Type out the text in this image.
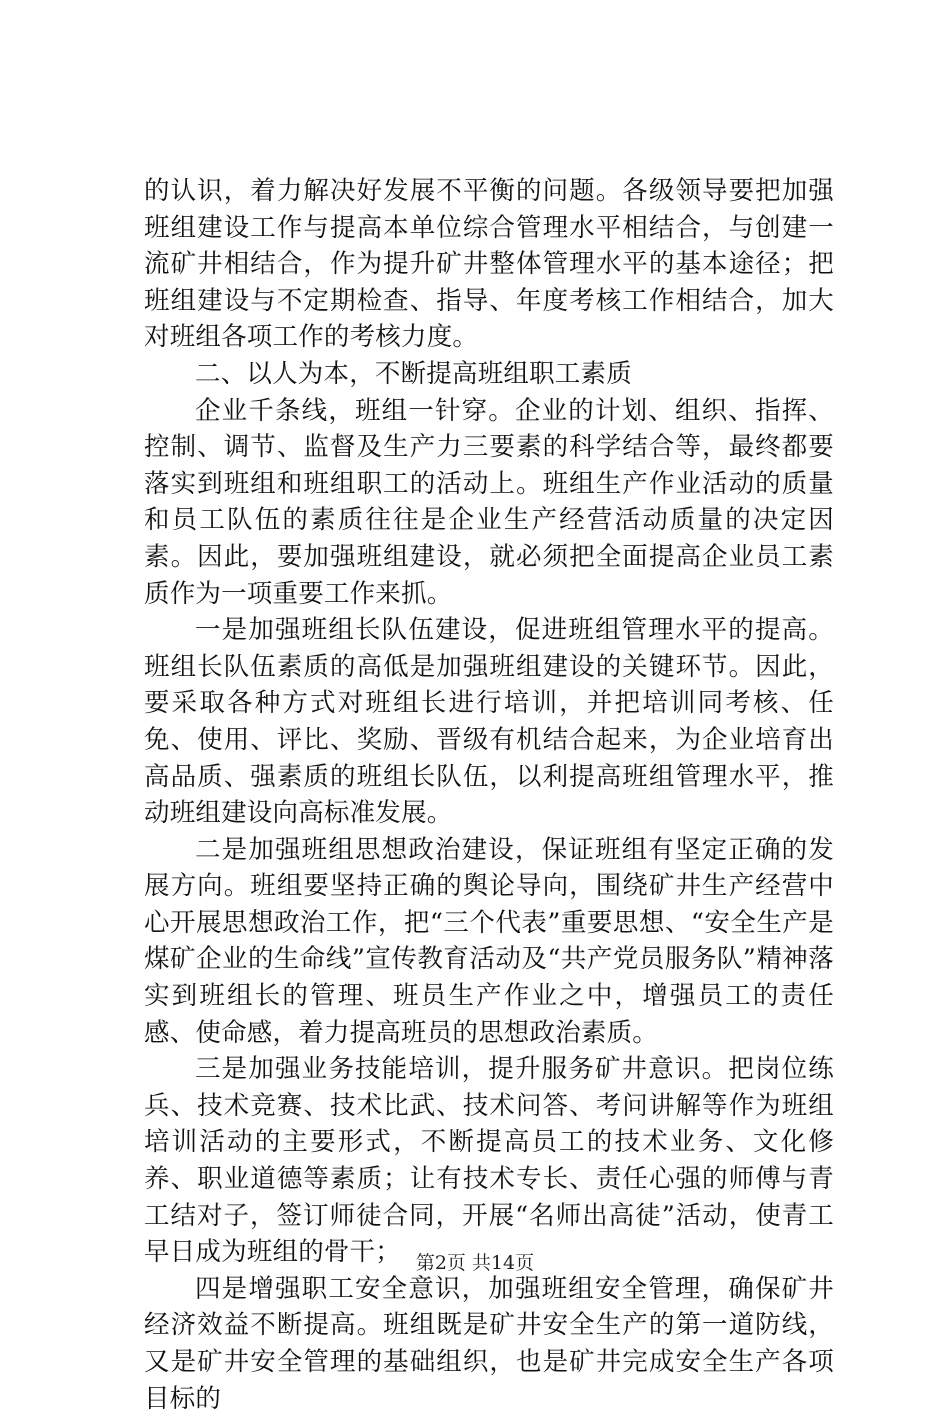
的认识，着力解决好发展不平衡的问题。各级领导要把加强班组建设工作与提高本单位综合管理水平相结合，与创建一流矿井相结合，作为提升矿井整体管理水平的基本途径；把班组建设与不定期检查、指导、年度考核工作相结合，加大对班组各项工作的考核力度。

二、以人为本，不断提高班组职工素质

企业千条线，班组一针穿。企业的计划、组织、指挥、控制、调节、监督及生产力三要素的科学结合等，最终都要落实到班组和班组职工的活动上。班组生产作业活动的质量和员工队伍的素质往往是企业生产经营活动质量的决定因素。因此，要加强班组建设，就必须把全面提高企业员工素质作为一项重要工作来抓。

一是加强班组长队伍建设，促进班组管理水平的提高。班组长队伍素质的高低是加强班组建设的关键环节。因此，要采取各种方式对班组长进行培训，并把培训同考核、任免、使用、评比、奖励、晋级有机结合起来，为企业培育出高品质、强素质的班组长队伍，以利提高班组管理水平，推动班组建设向高标准发展。

二是加强班组思想政治建设，保证班组有坚定正确的发展方向。班组要坚持正确的舆论导向，围绕矿井生产经营中心开展思想政治工作，把“三个代表”重要思想、“安全生产是煤矿企业的生命线”宣传教育活动及“共产党员服务队”精神落实到班组长的管理、班员生产作业之中，增强员工的责任感、使命感，着力提高班员的思想政治素质。

三是加强业务技能培训，提升服务矿井意识。把岗位练兵、技术竞赛、技术比武、技术问答、考问讲解等作为班组培训活动的主要形式，不断提高员工的技术业务、文化修养、职业道德等素质；让有技术专长、责任心强的师傅与青工结对子，签订师徒合同，开展“名师出高徒”活动，使青工早日成为班组的骨干；

四是增强职工安全意识，加强班组安全管理，确保矿井经济效益不断提高。班组既是矿井安全生产的第一道防线，又是矿井安全管理的基础组织，也是矿井完成安全生产各项目标的

第2页 共14页
